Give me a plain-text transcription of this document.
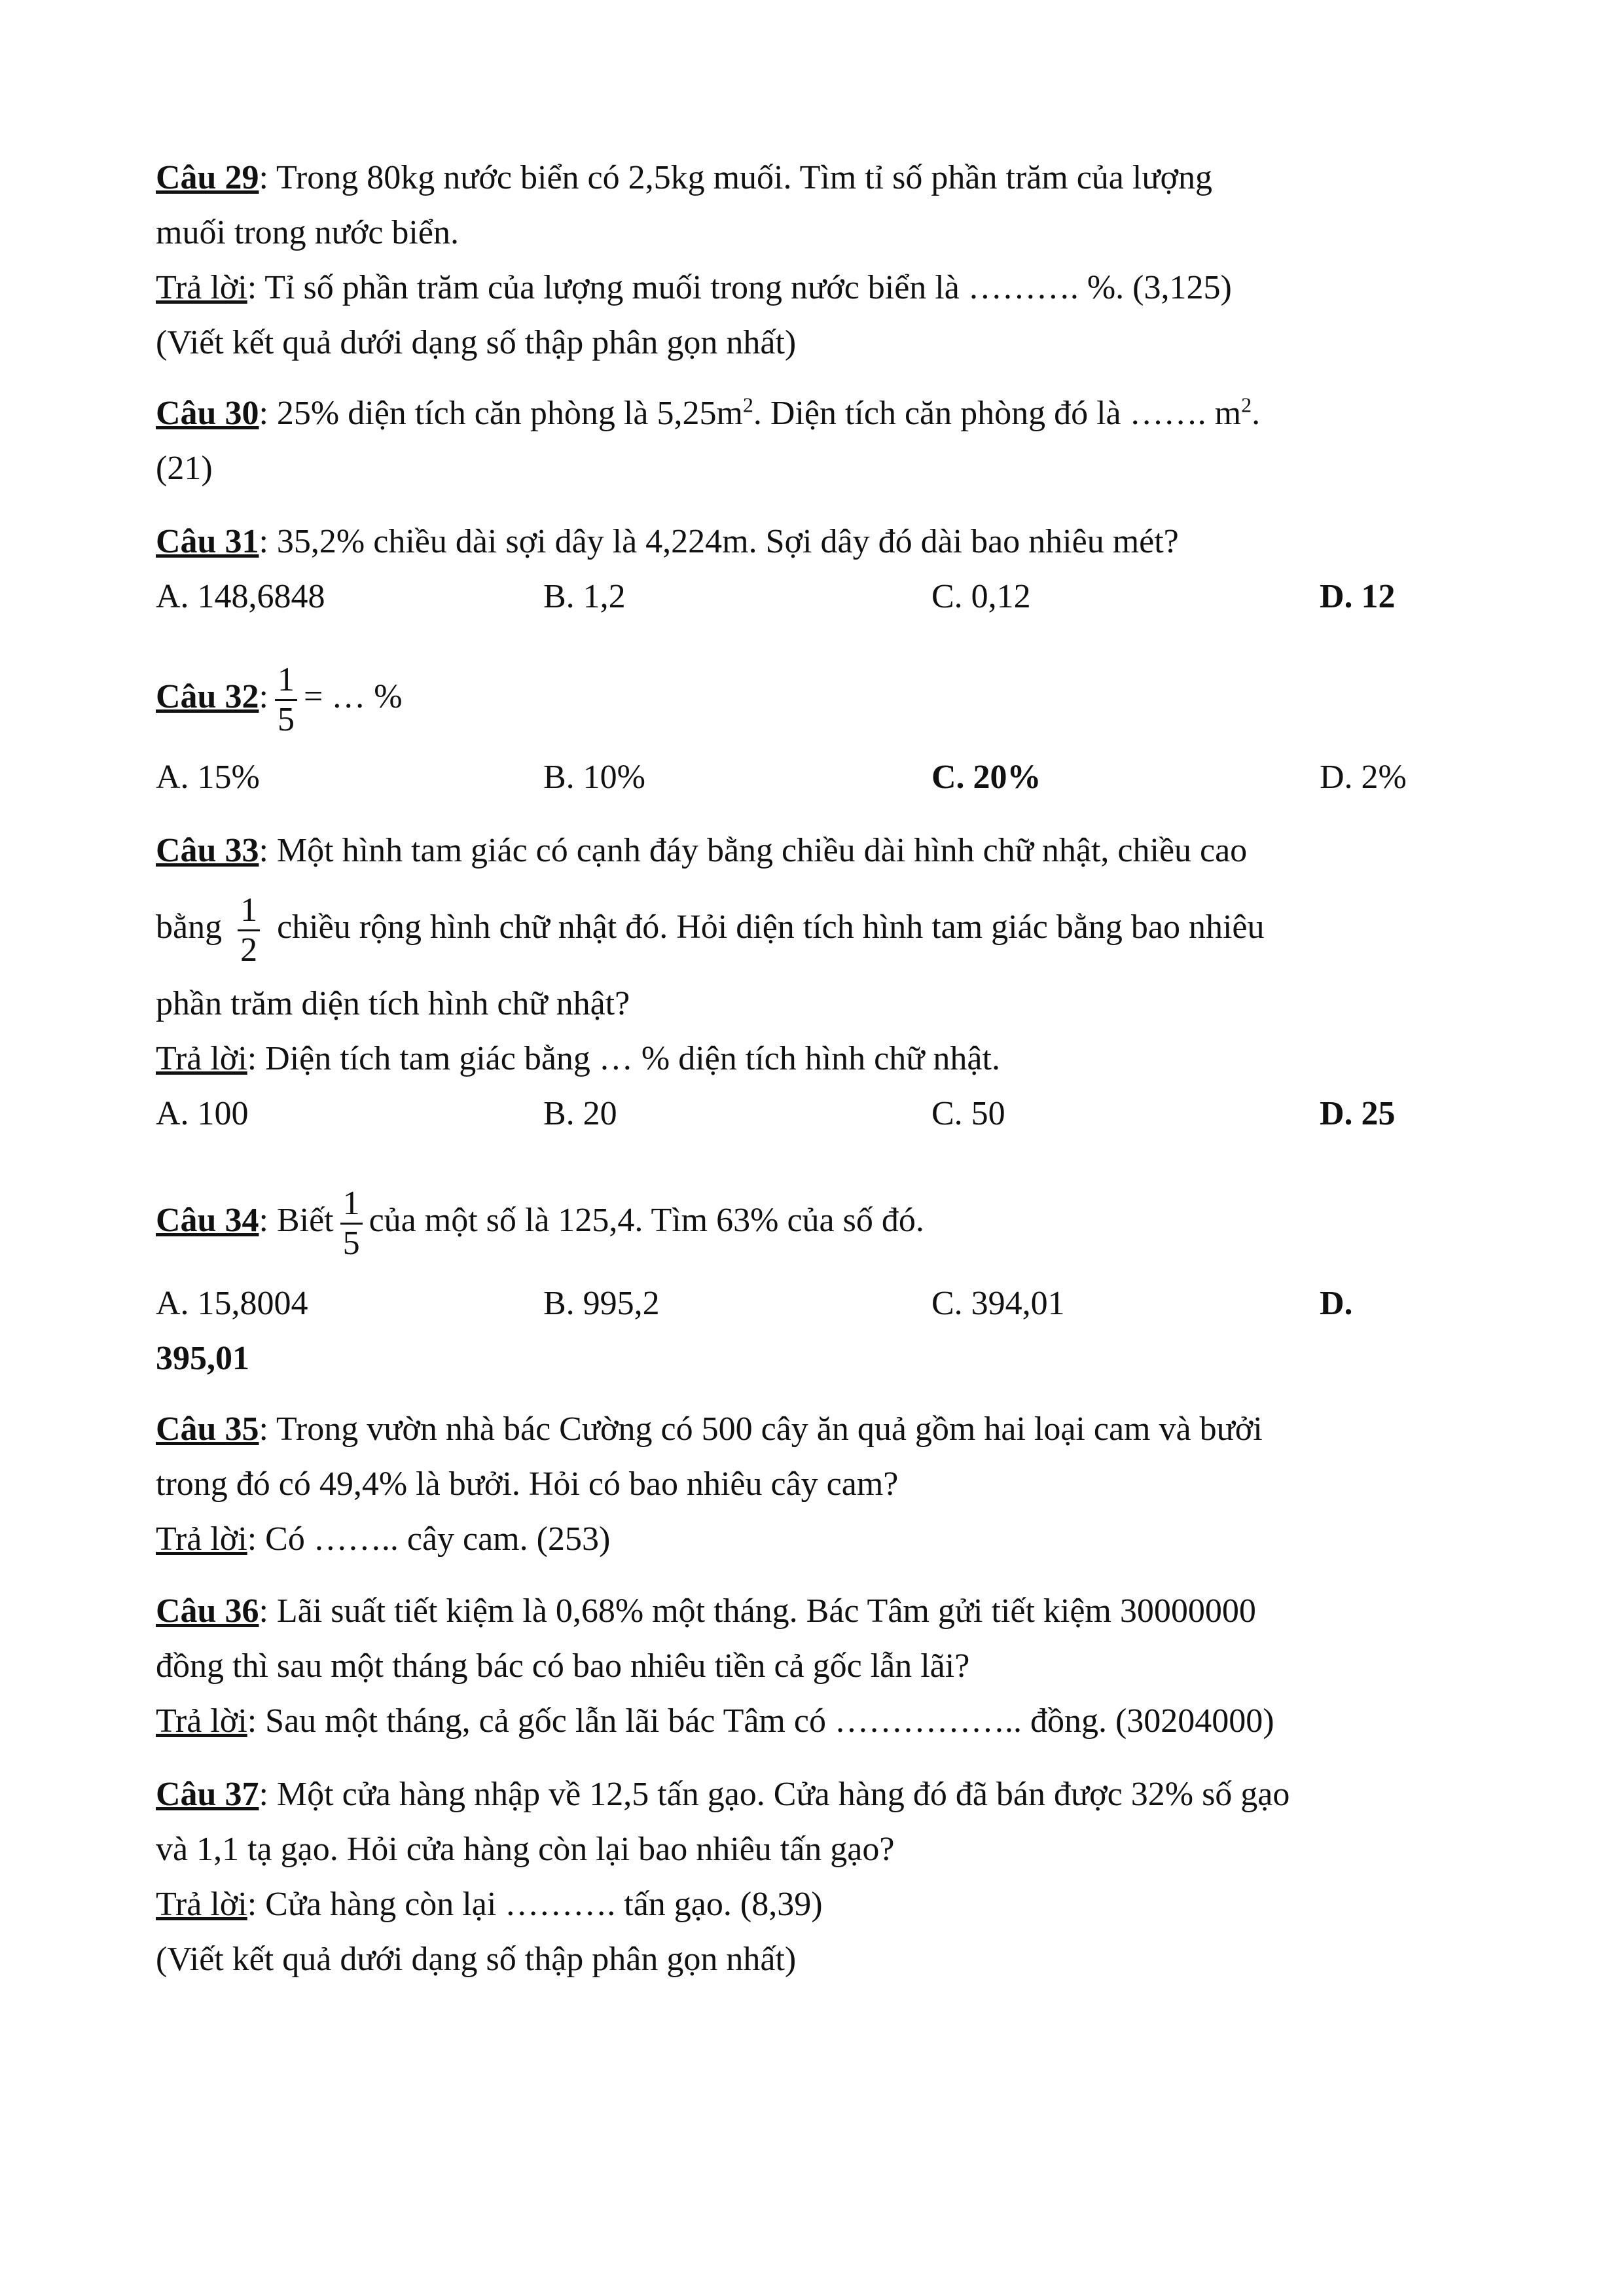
Câu 29: Trong 80kg nước biển có 2,5kg muối. Tìm tỉ số phần trăm của lượng
muối trong nước biển.
Trả lời: Tỉ số phần trăm của lượng muối trong nước biển là ………. %. (3,125)
(Viết kết quả dưới dạng số thập phân gọn nhất)
Câu 30: 25% diện tích căn phòng là $5,25m^2$. Diện tích căn phòng đó là ……. $m^2$.
(21)
Câu 31: 35,2% chiều dài sợi dây là 4,224m. Sợi dây đó dài bao nhiêu mét?
A. 148,6848	B. 1,2	C. 0,12	D. 12
Câu 32: $\frac{1}{5}$ = … %
A. 15%	B. 10%	C. 20%	D. 2%
Câu 33: Một hình tam giác có cạnh đáy bằng chiều dài hình chữ nhật, chiều cao
bằng $\frac{1}{2}$ chiều rộng hình chữ nhật đó. Hỏi diện tích hình tam giác bằng bao nhiêu
phần trăm diện tích hình chữ nhật?
Trả lời: Diện tích tam giác bằng … % diện tích hình chữ nhật.
A. 100	B. 20	C. 50	D. 25
Câu 34: Biết $\frac{1}{5}$ của một số là 125,4. Tìm 63% của số đó.
A. 15,8004	B. 995,2	C. 394,01	D.
395,01
Câu 35: Trong vườn nhà bác Cường có 500 cây ăn quả gồm hai loại cam và bưởi
trong đó có 49,4% là bưởi. Hỏi có bao nhiêu cây cam?
Trả lời: Có …….. cây cam. (253)
Câu 36: Lãi suất tiết kiệm là 0,68% một tháng. Bác Tâm gửi tiết kiệm 30000000
đồng thì sau một tháng bác có bao nhiêu tiền cả gốc lẫn lãi?
Trả lời: Sau một tháng, cả gốc lẫn lãi bác Tâm có …………….. đồng. (30204000)
Câu 37: Một cửa hàng nhập về 12,5 tấn gạo. Cửa hàng đó đã bán được 32% số gạo
và 1,1 tạ gạo. Hỏi cửa hàng còn lại bao nhiêu tấn gạo?
Trả lời: Cửa hàng còn lại ………. tấn gạo. (8,39)
(Viết kết quả dưới dạng số thập phân gọn nhất)
